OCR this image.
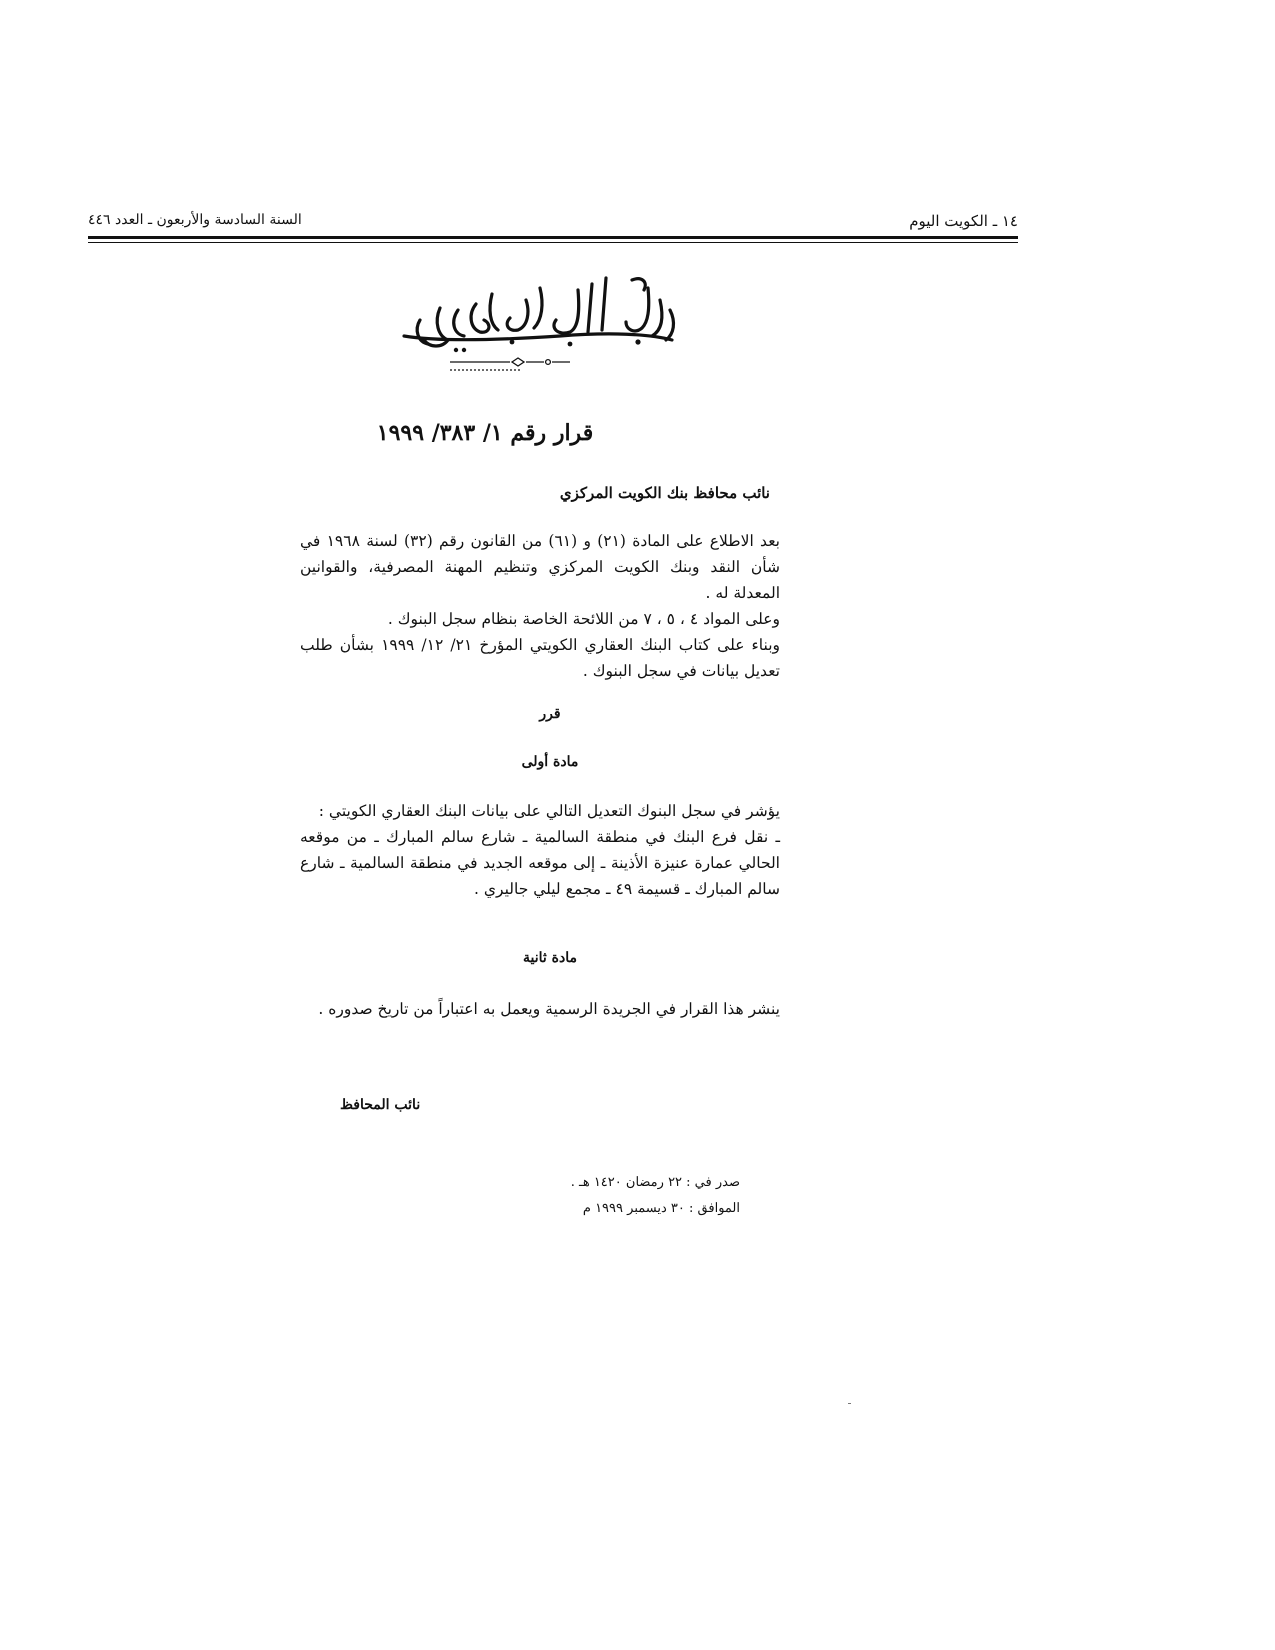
السنة السادسة والأربعون ـ العدد ٤٤٦	١٤ ـ الكويت اليوم
قرار رقم ١/ ٣٨٣/ ١٩٩٩
نائب محافظ بنك الكويت المركزي

بعد الاطلاع على المادة (٢١) و (٦١) من القانون رقم (٣٢) لسنة ١٩٦٨ في شأن النقد وبنك الكويت المركزي وتنظيم المهنة المصرفية، والقوانين المعدلة له .

وعلى المواد ٤ ، ٥ ، ٧ من اللائحة الخاصة بنظام سجل البنوك .

وبناء على كتاب البنك العقاري الكويتي المؤرخ ٢١/ ١٢/ ١٩٩٩ بشأن طلب تعديل بيانات في سجل البنوك .

قرر
مادة أولى

يؤشر في سجل البنوك التعديل التالي على بيانات البنك العقاري الكويتي :

ـ نقل فرع البنك في منطقة السالمية ـ شارع سالم المبارك ـ من موقعه الحالي عمارة عنيزة الأذينة ـ إلى موقعه الجديد في منطقة السالمية ـ شارع سالم المبارك ـ قسيمة ٤٩ ـ مجمع ليلي جاليري .

مادة ثانية

ينشر هذا القرار في الجريدة الرسمية ويعمل به اعتباراً من تاريخ صدوره .

نائب المحافظ
صدر في : ٢٢ رمضان ١٤٢٠ هـ .
الموافق : ٣٠ ديسمبر ١٩٩٩ م
